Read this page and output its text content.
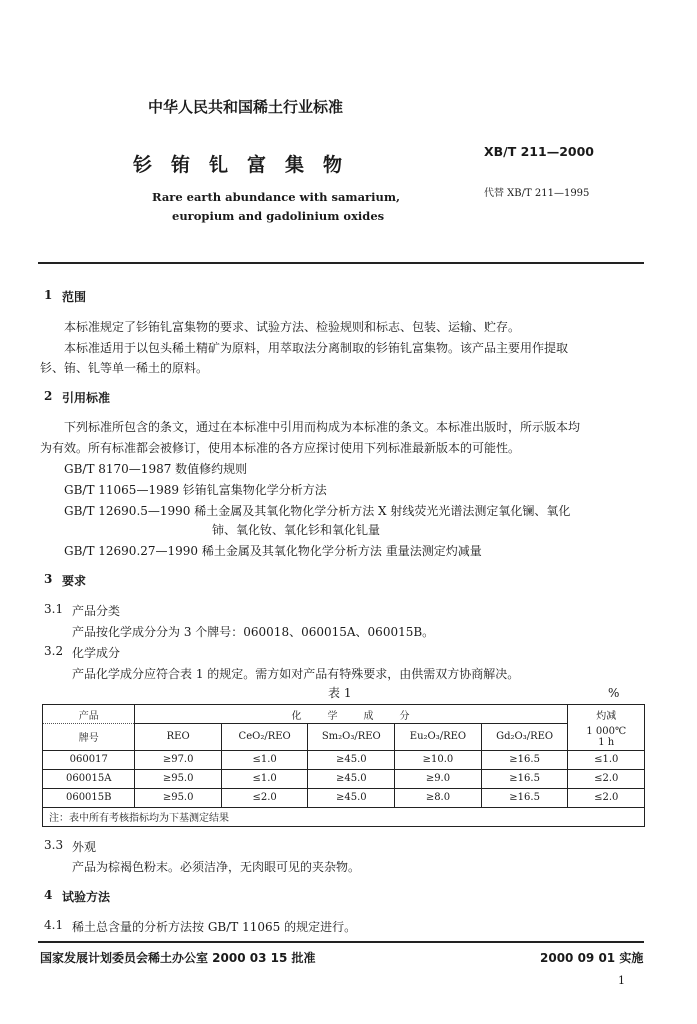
中华人民共和国稀土行业标准
钐铕钆富集物
Rare earth abundance with samarium,
europium and gadolinium oxides
XB/T 211—2000
代替 XB/T 211—1995
1 范围
本标准规定了钐铕钆富集物的要求、试验方法、检验规则和标志、包装、运输、贮存。
本标准适用于以包头稀土精矿为原料，用萃取法分离制取的钐铕钆富集物。该产品主要用作提取
钐、铕、钆等单一稀土的原料。
2 引用标准
下列标准所包含的条文，通过在本标准中引用而构成为本标准的条文。本标准出版时，所示版本均
为有效。所有标准都会被修订，使用本标准的各方应探讨使用下列标准最新版本的可能性。
GB/T 8170—1987 数值修约规则
GB/T 11065—1989 钐铕钆富集物化学分析方法
GB/T 12690.5—1990 稀土金属及其氧化物化学分析方法 X 射线荧光光谱法测定氧化镧、氧化
铈、氧化钕、氧化钐和氧化钆量
GB/T 12690.27—1990 稀土金属及其氧化物化学分析方法 重量法测定灼减量
3 要求
3.1 产品分类
产品按化学成分分为 3 个牌号：060018、060015A、060015B。
3.2 化学成分
产品化学成分应符合表 1 的规定。需方如对产品有特殊要求，由供需双方协商解决。
表 1	%
产品	化　　学　　成　　分					灼减
牌号	REO	CeO₂/REO	Sm₂O₃/REO	Eu₂O₃/REO	Gd₂O₃/REO	1 000℃
1 h
060017	≥97.0	≤1.0	≥45.0	≥10.0	≥16.5	≤1.0
060015A	≥95.0	≤1.0	≥45.0	≥9.0	≥16.5	≤2.0
060015B	≥95.0	≤2.0	≥45.0	≥8.0	≥16.5	≤2.0
注：表中所有考核指标均为下基测定结果						
3.3 外观
产品为棕褐色粉末。必须洁净，无肉眼可见的夹杂物。
4 试验方法
4.1 稀土总含量的分析方法按 GB/T 11065 的规定进行。
国家发展计划委员会稀土办公室 2000 03 15 批准	2000 09 01 实施
1
